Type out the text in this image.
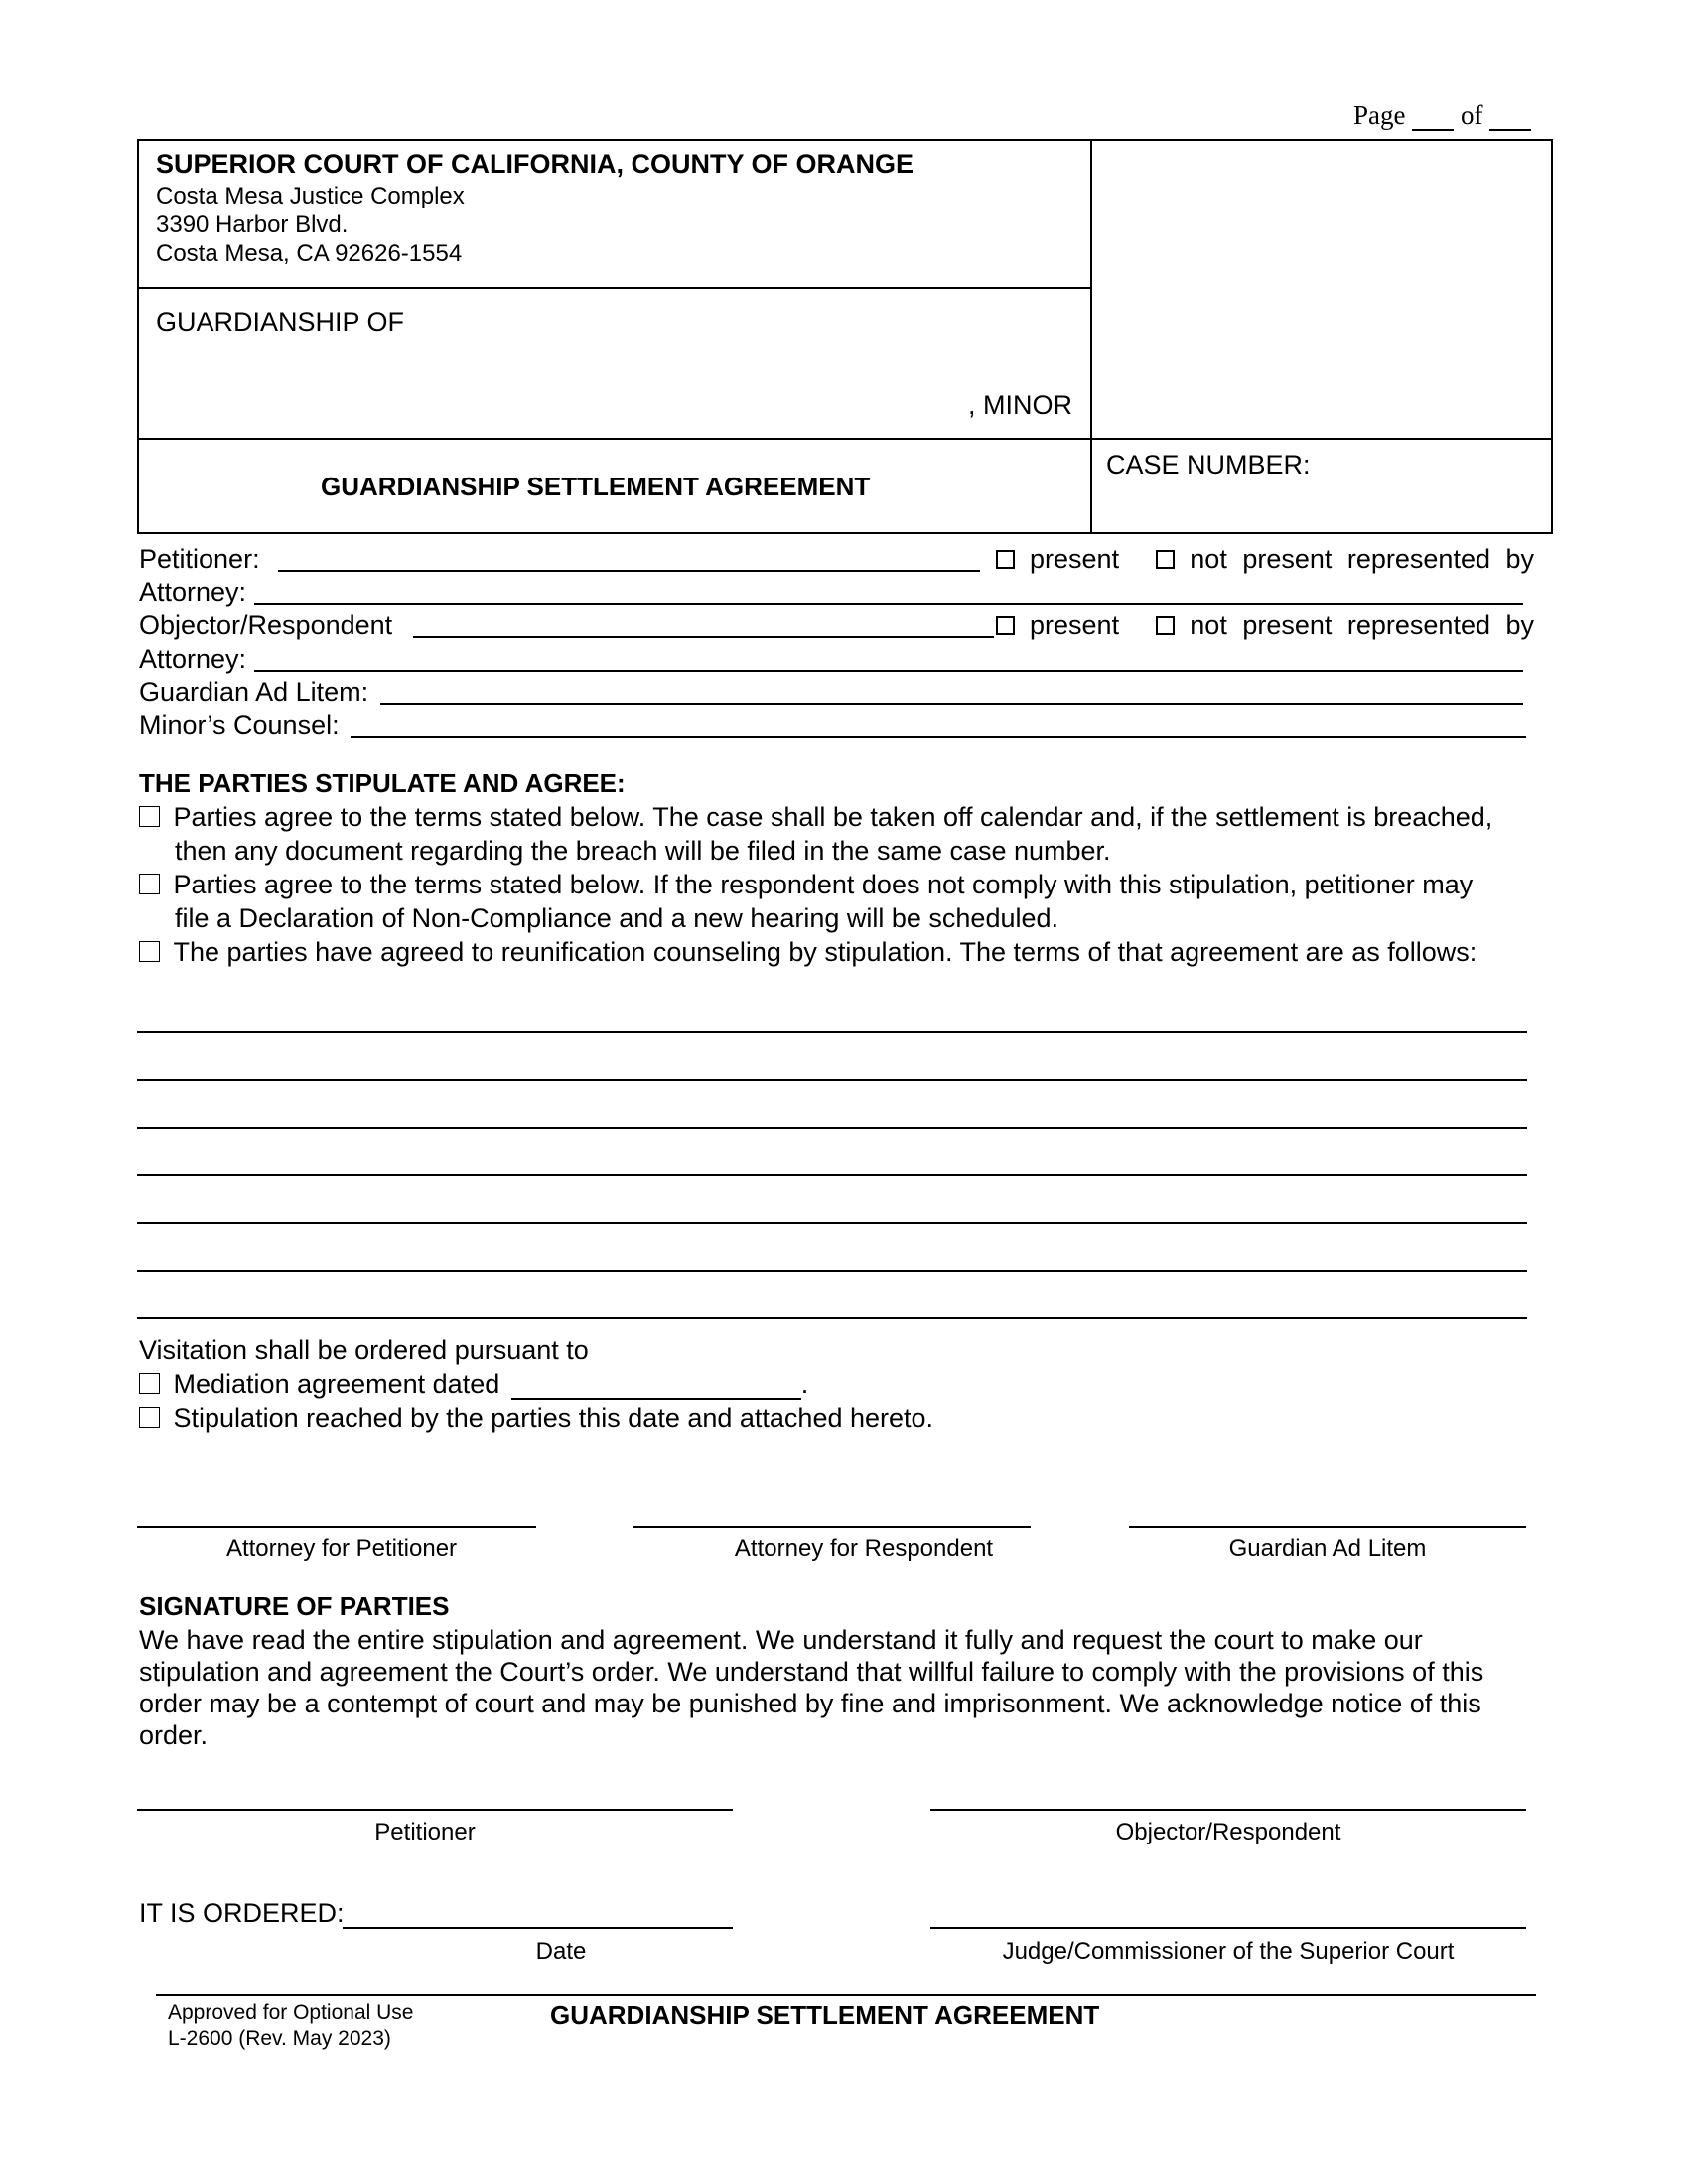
Page of
SUPERIOR COURT OF CALIFORNIA, COUNTY OF ORANGE
Costa Mesa Justice Complex
3390 Harbor Blvd.
Costa Mesa, CA 92626-1554
GUARDIANSHIP OF
, MINOR
GUARDIANSHIP SETTLEMENT AGREEMENT
CASE NUMBER:
Petitioner:	present	not present represented by
Attorney:
Objector/Respondent	present	not present represented by
Attorney:
Guardian Ad Litem:
Minor’s Counsel:
THE PARTIES STIPULATE AND AGREE:
Parties agree to the terms stated below. The case shall be taken off calendar and, if the settlement is breached,
then any document regarding the breach will be filed in the same case number.
Parties agree to the terms stated below. If the respondent does not comply with this stipulation, petitioner may
file a Declaration of Non-Compliance and a new hearing will be scheduled.
The parties have agreed to reunification counseling by stipulation. The terms of that agreement are as follows:
Visitation shall be ordered pursuant to
Mediation agreement dated	.
Stipulation reached by the parties this date and attached hereto.
Attorney for Petitioner	Attorney for Respondent	Guardian Ad Litem
SIGNATURE OF PARTIES
We have read the entire stipulation and agreement. We understand it fully and request the court to make our
stipulation and agreement the Court’s order. We understand that willful failure to comply with the provisions of this
order may be a contempt of court and may be punished by fine and imprisonment. We acknowledge notice of this
order.
Petitioner	Objector/Respondent
IT IS ORDERED:
Date	Judge/Commissioner of the Superior Court
Approved for Optional Use
L-2600 (Rev. May 2023)
GUARDIANSHIP SETTLEMENT AGREEMENT
